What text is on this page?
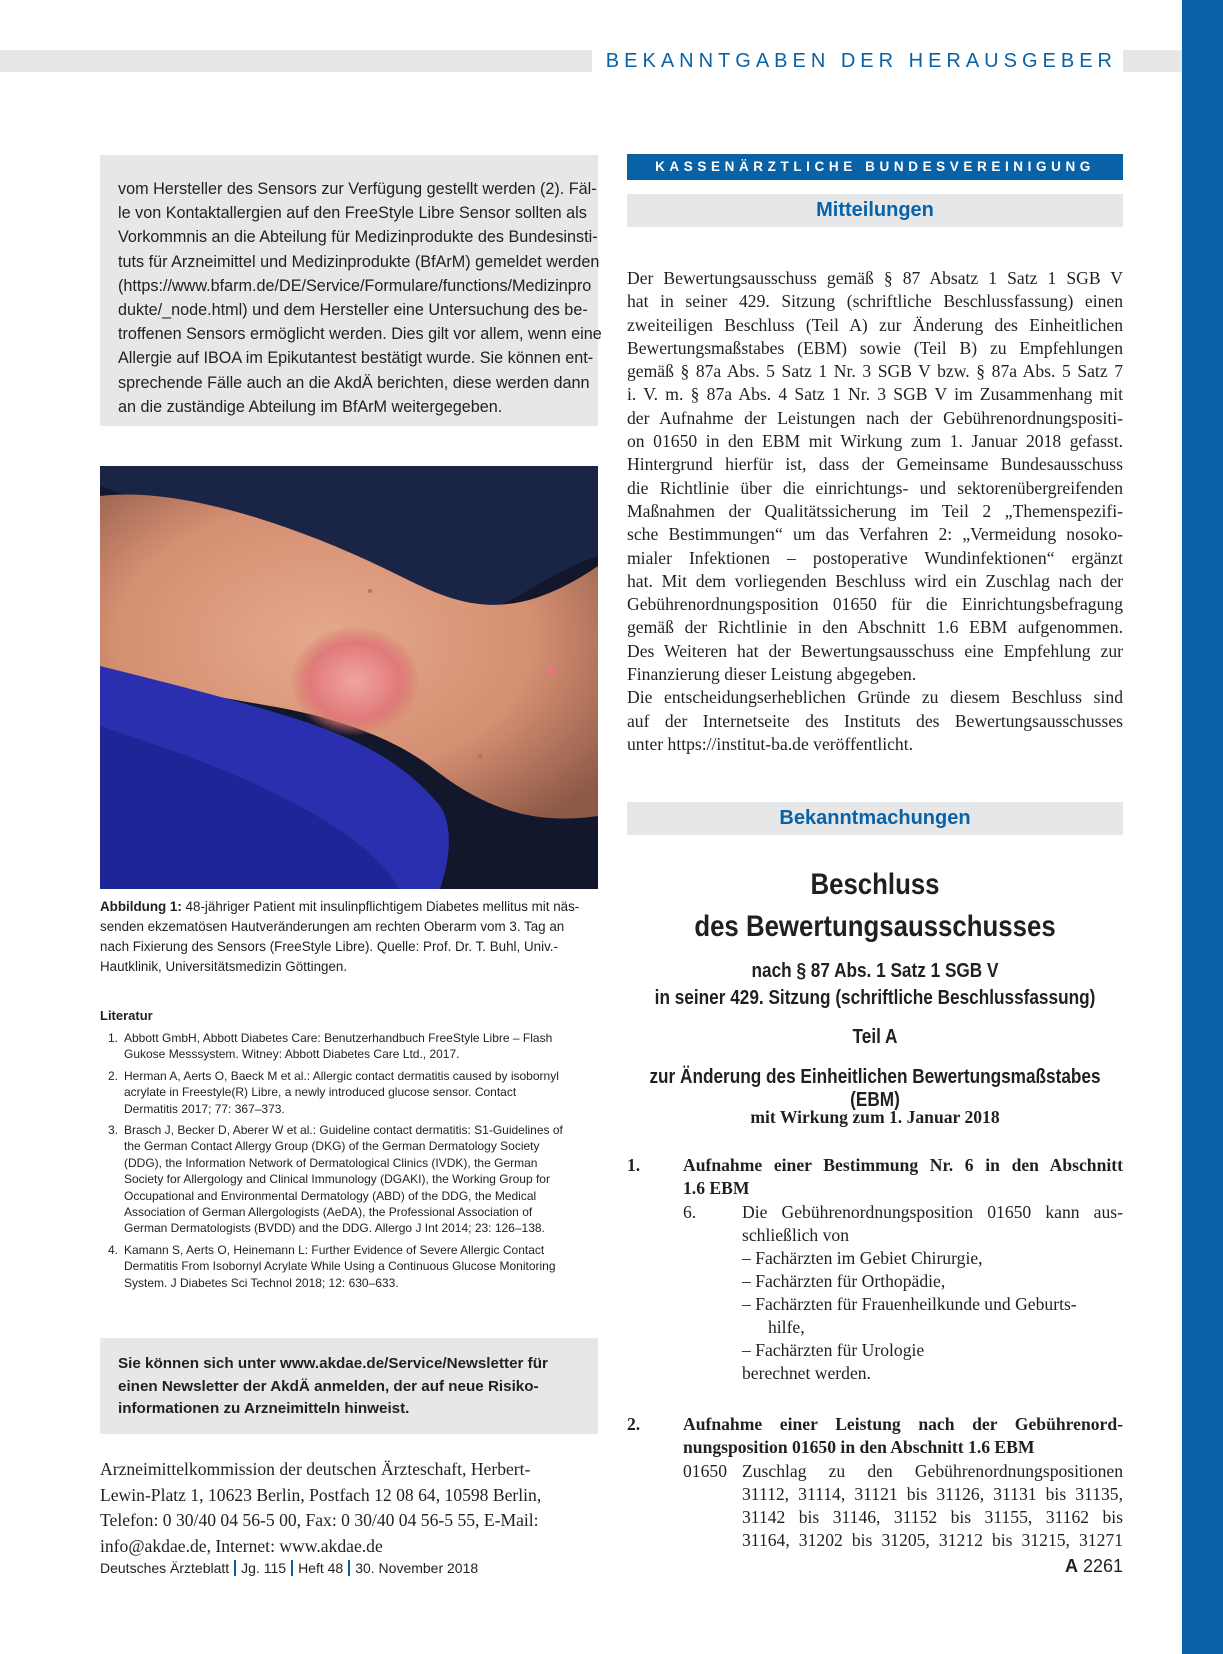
BEKANNTGABEN DER HERAUSGEBER
vom Hersteller des Sensors zur Verfügung gestellt werden (2). Fäl-
le von Kontaktallergien auf den FreeStyle Libre Sensor sollten als
Vorkommnis an die Abteilung für Medizinprodukte des Bundesinsti-
tuts für Arzneimittel und Medizinprodukte (BfArM) gemeldet werden
(https://www.bfarm.de/DE/Service/Formulare/functions/Medizinpro
dukte/_node.html) und dem Hersteller eine Untersuchung des be-
troffenen Sensors ermöglicht werden. Dies gilt vor allem, wenn eine
Allergie auf IBOA im Epikutantest bestätigt wurde. Sie können ent-
sprechende Fälle auch an die AkdÄ berichten, diese werden dann
an die zuständige Abteilung im BfArM weitergegeben.
Abbildung 1: 48-jähriger Patient mit insulinpflichtigem Diabetes mellitus mit näs-
senden ekzematösen Hautveränderungen am rechten Oberarm vom 3. Tag an
nach Fixierung des Sensors (FreeStyle Libre). Quelle: Prof. Dr. T. Buhl, Univ.-
Hautklinik, Universitätsmedizin Göttingen.
Literatur
1. Abbott GmbH, Abbott Diabetes Care: Benutzerhandbuch FreeStyle Libre – Flash
Gukose Messsystem. Witney: Abbott Diabetes Care Ltd., 2017.
2. Herman A, Aerts O, Baeck M et al.: Allergic contact dermatitis caused by isobornyl
acrylate in Freestyle(R) Libre, a newly introduced glucose sensor. Contact
Dermatitis 2017; 77: 367–373.
3. Brasch J, Becker D, Aberer W et al.: Guideline contact dermatitis: S1-Guidelines of
the German Contact Allergy Group (DKG) of the German Dermatology Society
(DDG), the Information Network of Dermatological Clinics (IVDK), the German
Society for Allergology and Clinical Immunology (DGAKI), the Working Group for
Occupational and Environmental Dermatology (ABD) of the DDG, the Medical
Association of German Allergologists (AeDA), the Professional Association of
German Dermatologists (BVDD) and the DDG. Allergo J Int 2014; 23: 126–138.
4. Kamann S, Aerts O, Heinemann L: Further Evidence of Severe Allergic Contact
Dermatitis From Isobornyl Acrylate While Using a Continuous Glucose Monitoring
System. J Diabetes Sci Technol 2018; 12: 630–633.
Sie können sich unter www.akdae.de/Service/Newsletter für
einen Newsletter der AkdÄ anmelden, der auf neue Risiko-
informationen zu Arzneimitteln hinweist.
Arzneimittelkommission der deutschen Ärzteschaft, Herbert-
Lewin-Platz 1, 10623 Berlin, Postfach 12 08 64, 10598 Berlin,
Telefon: 0 30/40 04 56-5 00, Fax: 0 30/40 04 56-5 55, E-Mail:
info@akdae.de, Internet: www.akdae.de
KASSENÄRZTLICHE BUNDESVEREINIGUNG
Mitteilungen
Der Bewertungsausschuss gemäß § 87 Absatz 1 Satz 1 SGB V
hat in seiner 429. Sitzung (schriftliche Beschlussfassung) einen
zweiteiligen Beschluss (Teil A) zur Änderung des Einheitlichen
Bewertungsmaßstabes (EBM) sowie (Teil B) zu Empfehlungen
gemäß § 87a Abs. 5 Satz 1 Nr. 3 SGB V bzw. § 87a Abs. 5 Satz 7
i. V. m. § 87a Abs. 4 Satz 1 Nr. 3 SGB V im Zusammenhang mit
der Aufnahme der Leistungen nach der Gebührenordnungspositi-
on 01650 in den EBM mit Wirkung zum 1. Januar 2018 gefasst.
Hintergrund hierfür ist, dass der Gemeinsame Bundesausschuss
die Richtlinie über die einrichtungs- und sektorenübergreifenden
Maßnahmen der Qualitätssicherung im Teil 2 „Themenspezifi-
sche Bestimmungen“ um das Verfahren 2: „Vermeidung nosoko-
mialer Infektionen – postoperative Wundinfektionen“ ergänzt
hat. Mit dem vorliegenden Beschluss wird ein Zuschlag nach der
Gebührenordnungsposition 01650 für die Einrichtungsbefragung
gemäß der Richtlinie in den Abschnitt 1.6 EBM aufgenommen.
Des Weiteren hat der Bewertungsausschuss eine Empfehlung zur
Finanzierung dieser Leistung abgegeben.
Die entscheidungserheblichen Gründe zu diesem Beschluss sind
auf der Internetseite des Instituts des Bewertungsausschusses
unter https://institut-ba.de veröffentlicht.
Bekanntmachungen
Beschluss
des Bewertungsausschusses
nach § 87 Abs. 1 Satz 1 SGB V
in seiner 429. Sitzung (schriftliche Beschlussfassung)
Teil A
zur Änderung des Einheitlichen Bewertungsmaßstabes (EBM)
mit Wirkung zum 1. Januar 2018
1. Aufnahme einer Bestimmung Nr. 6 in den Abschnitt
1.6 EBM
6.	Die Gebührenordnungsposition 01650 kann aus-
schließlich von
– Fachärzten im Gebiet Chirurgie,
– Fachärzten für Orthopädie,
– Fachärzten für Frauenheilkunde und Geburts-
hilfe,
– Fachärzten für Urologie
berechnet werden.
2. Aufnahme einer Leistung nach der Gebührenord-
nungsposition 01650 in den Abschnitt 1.6 EBM
01650 Zuschlag zu den Gebührenordnungspositionen
31112, 31114, 31121 bis 31126, 31131 bis 31135,
31142 bis 31146, 31152 bis 31155, 31162 bis
31164, 31202 bis 31205, 31212 bis 31215, 31271
Deutsches Ärzteblatt Jg. 115 Heft 48 30. November 2018	A 2261
